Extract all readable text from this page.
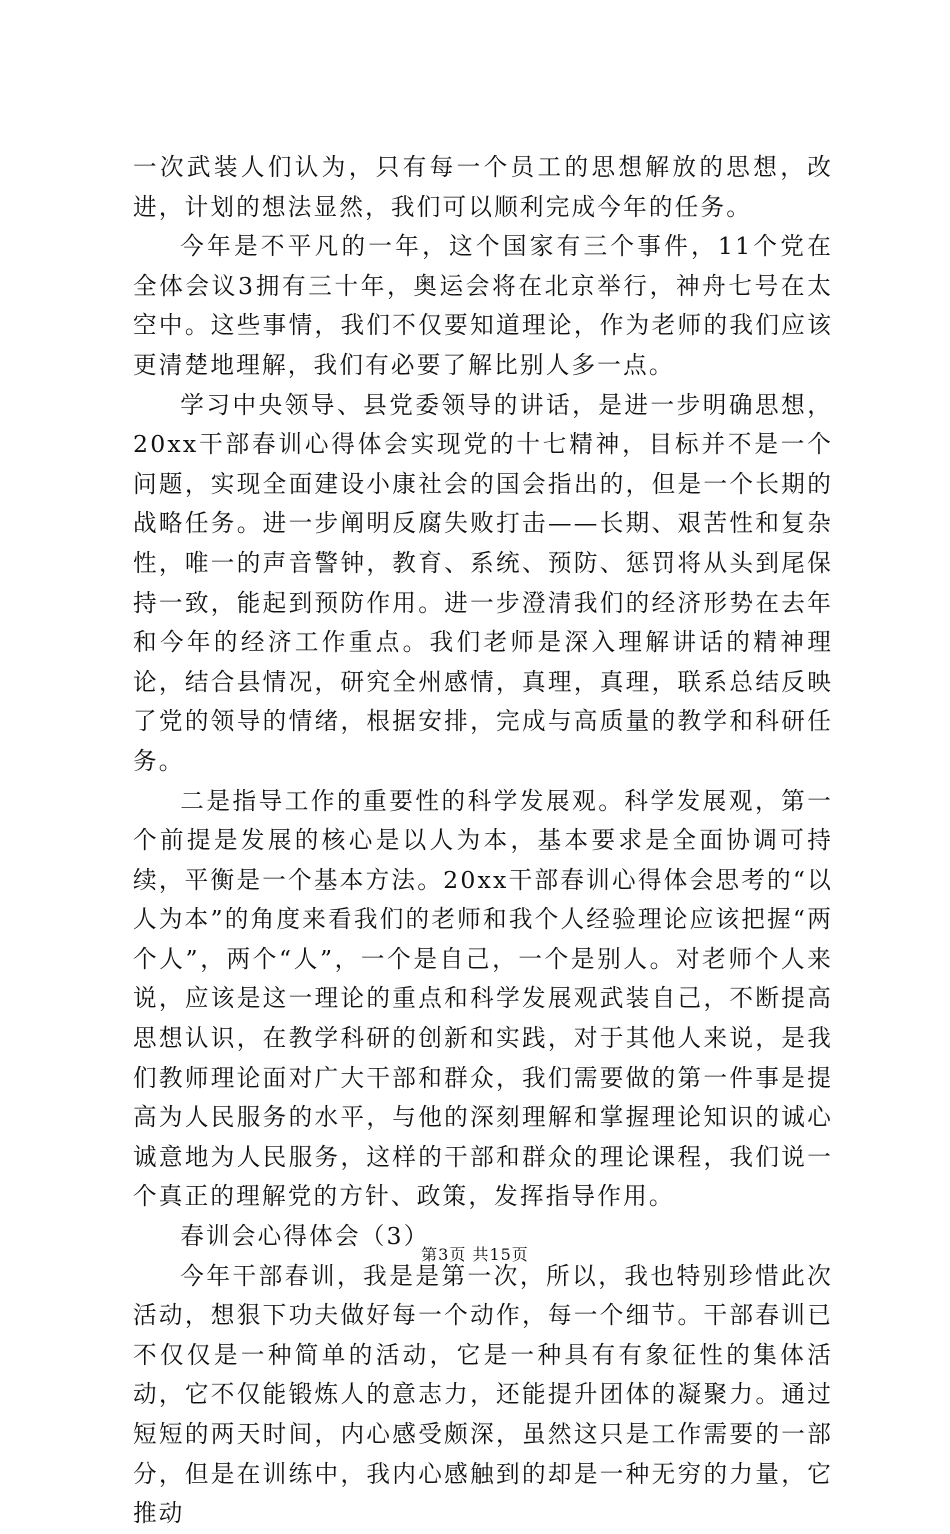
一次武装人们认为，只有每一个员工的思想解放的思想，改进，计划的想法显然，我们可以顺利完成今年的任务。

今年是不平凡的一年，这个国家有三个事件，11个党在全体会议3拥有三十年，奥运会将在北京举行，神舟七号在太空中。这些事情，我们不仅要知道理论，作为老师的我们应该更清楚地理解，我们有必要了解比别人多一点。

学习中央领导、县党委领导的讲话，是进一步明确思想，20xx干部春训心得体会实现党的十七精神，目标并不是一个问题，实现全面建设小康社会的国会指出的，但是一个长期的战略任务。进一步阐明反腐失败打击——长期、艰苦性和复杂性，唯一的声音警钟，教育、系统、预防、惩罚将从头到尾保持一致，能起到预防作用。进一步澄清我们的经济形势在去年和今年的经济工作重点。我们老师是深入理解讲话的精神理论，结合县情况，研究全州感情，真理，真理，联系总结反映了党的领导的情绪，根据安排，完成与高质量的教学和科研任务。

二是指导工作的重要性的科学发展观。科学发展观，第一个前提是发展的核心是以人为本，基本要求是全面协调可持续，平衡是一个基本方法。20xx干部春训心得体会思考的“以人为本”的角度来看我们的老师和我个人经验理论应该把握“两个人”，两个“人”，一个是自己，一个是别人。对老师个人来说，应该是这一理论的重点和科学发展观武装自己，不断提高思想认识，在教学科研的创新和实践，对于其他人来说，是我们教师理论面对广大干部和群众，我们需要做的第一件事是提高为人民服务的水平，与他的深刻理解和掌握理论知识的诚心诚意地为人民服务，这样的干部和群众的理论课程，我们说一个真正的理解党的方针、政策，发挥指导作用。

春训会心得体会（3）

今年干部春训，我是是第一次，所以，我也特别珍惜此次活动，想狠下功夫做好每一个动作，每一个细节。干部春训已不仅仅是一种简单的活动，它是一种具有有象征性的集体活动，它不仅能锻炼人的意志力，还能提升团体的凝聚力。通过短短的两天时间，内心感受颇深，虽然这只是工作需要的一部分，但是在训练中，我内心感触到的却是一种无穷的力量，它推动

第3页 共15页
